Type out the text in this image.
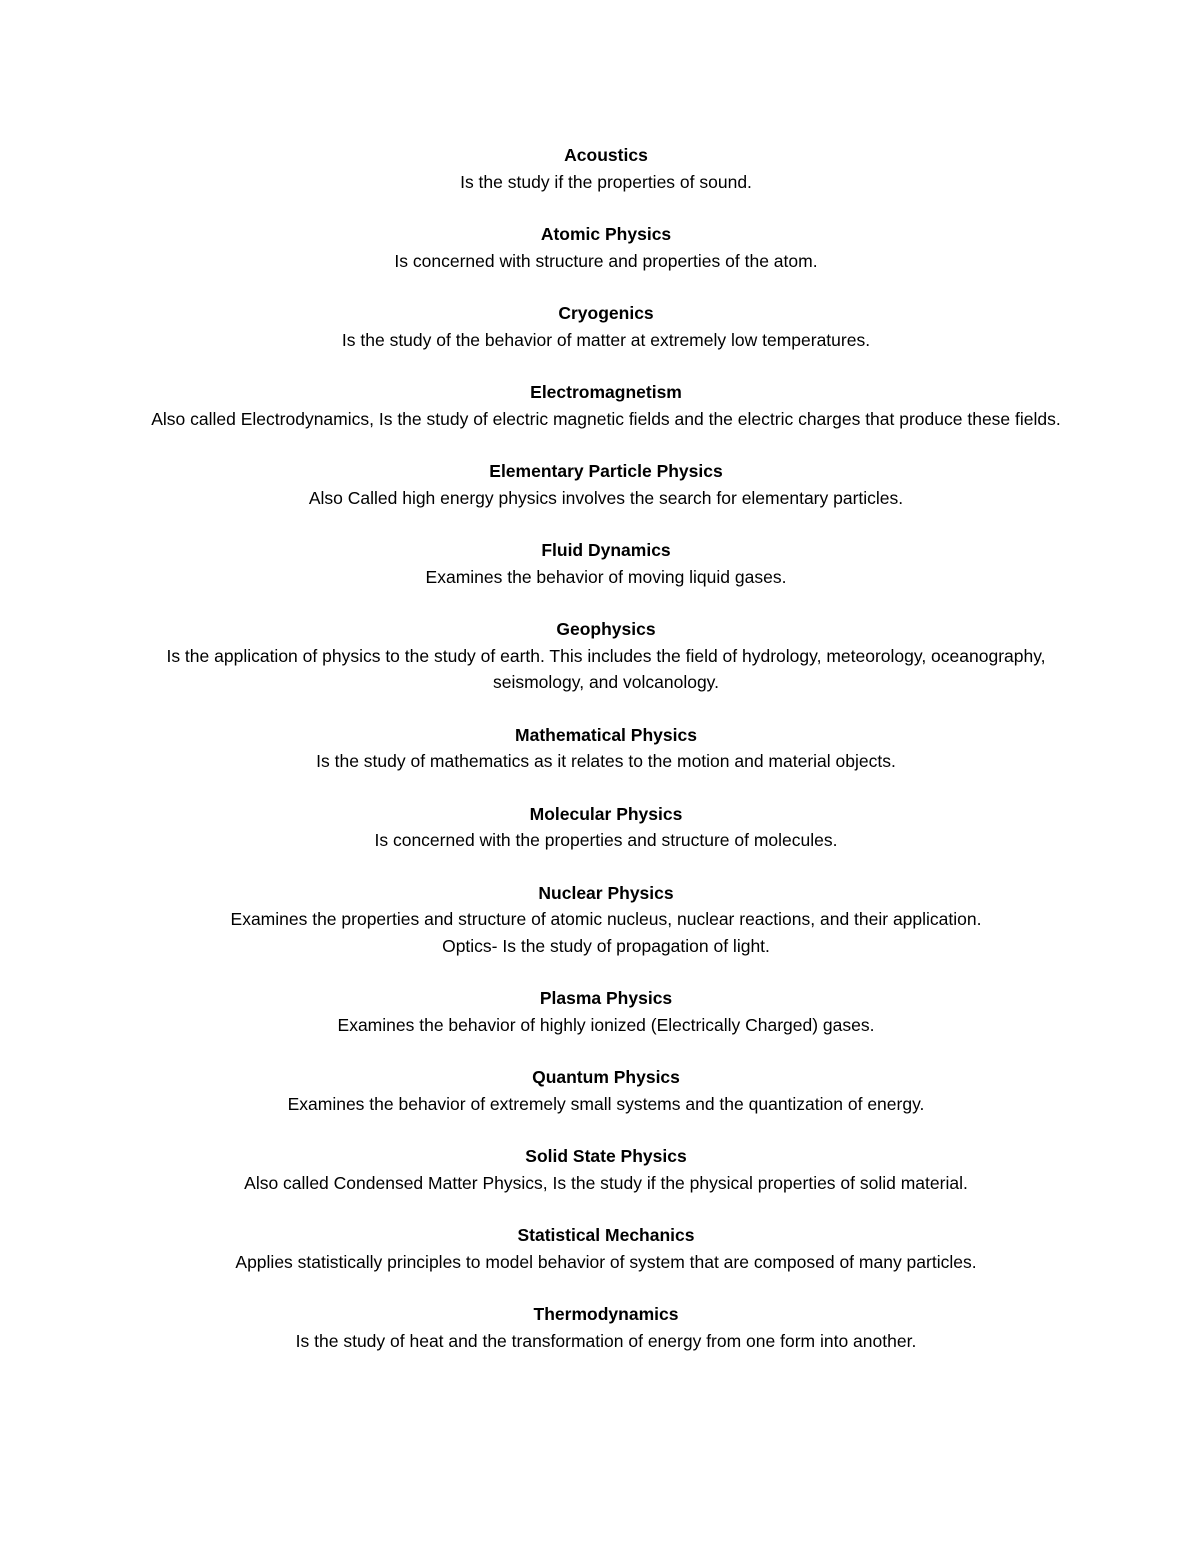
Acoustics
Is the study if the properties of sound.
Atomic Physics
Is concerned with structure and properties of the atom.
Cryogenics
Is the study of the behavior of matter at extremely low temperatures.
Electromagnetism
Also called Electrodynamics, Is the study of electric magnetic fields and the electric charges that produce these fields.
Elementary Particle Physics
Also Called high energy physics involves the search for elementary particles.
Fluid Dynamics
Examines the behavior of moving liquid gases.
Geophysics
Is the application of physics to the study of earth. This includes the field of hydrology, meteorology, oceanography, seismology, and volcanology.
Mathematical Physics
Is the study of mathematics as it relates to the motion and material objects.
Molecular Physics
Is concerned with the properties and structure of molecules.
Nuclear Physics
Examines the properties and structure of atomic nucleus, nuclear reactions, and their application.
Optics- Is the study of propagation of light.
Plasma Physics
Examines the behavior of highly ionized (Electrically Charged) gases.
Quantum Physics
Examines the behavior of extremely small systems and the quantization of energy.
Solid State Physics
Also called Condensed Matter Physics, Is the study if the physical properties of solid material.
Statistical Mechanics
Applies statistically principles to model behavior of system that are composed of many particles.
Thermodynamics
Is the study of heat and the transformation of energy from one form into another.
